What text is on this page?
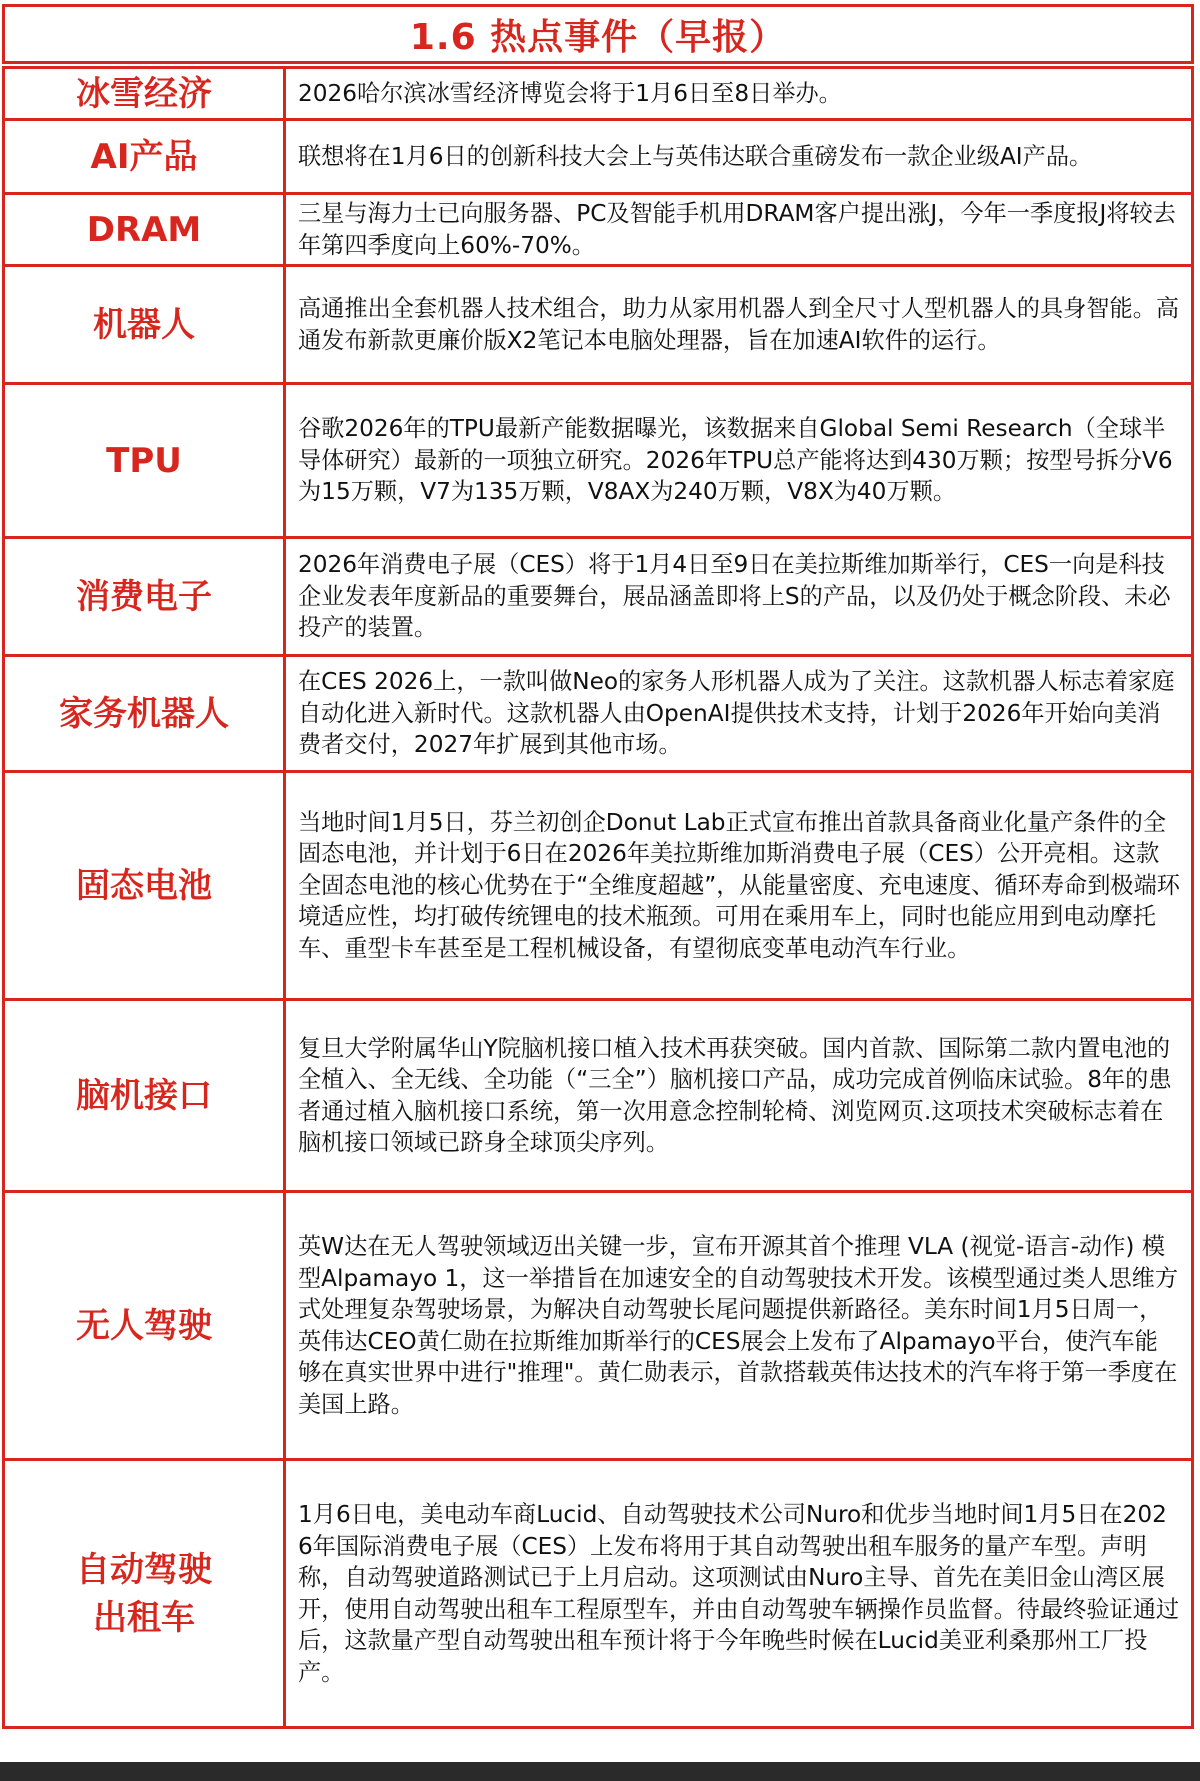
1.6 热点事件（早报）
冰雪经济	2026哈尔滨冰雪经济博览会将于1月6日至8日举办。
AI产品	联想将在1月6日的创新科技大会上与英伟达联合重磅发布一款企业级AI产品。
DRAM	三星与海力士已向服务器、PC及智能手机用DRAM客户提出涨J，今年一季度报J将较去年第四季度向上60%-70%。
机器人	高通推出全套机器人技术组合，助力从家用机器人到全尺寸人型机器人的具身智能。高通发布新款更廉价版X2笔记本电脑处理器，旨在加速AI软件的运行。
TPU	谷歌2026年的TPU最新产能数据曝光，该数据来自Global Semi Research（全球半导体研究）最新的一项独立研究。2026年TPU总产能将达到430万颗；按型号拆分V6为15万颗，V7为135万颗，V8AX为240万颗，V8X为40万颗。
消费电子	2026年消费电子展（CES）将于1月4日至9日在美拉斯维加斯举行，CES一向是科技企业发表年度新品的重要舞台，展品涵盖即将上S的产品，以及仍处于概念阶段、未必投产的装置。
家务机器人	在CES 2026上，一款叫做Neo的家务人形机器人成为了关注。这款机器人标志着家庭自动化进入新时代。这款机器人由OpenAI提供技术支持，计划于2026年开始向美消费者交付，2027年扩展到其他市场。
固态电池	当地时间1月5日，芬兰初创企Donut Lab正式宣布推出首款具备商业化量产条件的全固态电池，并计划于6日在2026年美拉斯维加斯消费电子展（CES）公开亮相。这款全固态电池的核心优势在于“全维度超越”，从能量密度、充电速度、循环寿命到极端环境适应性，均打破传统锂电的技术瓶颈。可用在乘用车上，同时也能应用到电动摩托车、重型卡车甚至是工程机械设备，有望彻底变革电动汽车行业。
脑机接口	复旦大学附属华山Y院脑机接口植入技术再获突破。国内首款、国际第二款内置电池的全植入、全无线、全功能（“三全”）脑机接口产品，成功完成首例临床试验。8年的患者通过植入脑机接口系统，第一次用意念控制轮椅、浏览网页.这项技术突破标志着在脑机接口领域已跻身全球顶尖序列。
无人驾驶	英W达在无人驾驶领域迈出关键一步，宣布开源其首个推理 VLA (视觉-语言-动作) 模型Alpamayo 1，这一举措旨在加速安全的自动驾驶技术开发。该模型通过类人思维方式处理复杂驾驶场景，为解决自动驾驶长尾问题提供新路径。美东时间1月5日周一，英伟达CEO黄仁勋在拉斯维加斯举行的CES展会上发布了Alpamayo平台，使汽车能够在真实世界中进行"推理"。黄仁勋表示，首款搭载英伟达技术的汽车将于第一季度在美国上路。
自动驾驶
出租车	1月6日电，美电动车商Lucid、自动驾驶技术公司Nuro和优步当地时间1月5日在2026年国际消费电子展（CES）上发布将用于其自动驾驶出租车服务的量产车型。声明称，自动驾驶道路测试已于上月启动。这项测试由Nuro主导、首先在美旧金山湾区展开，使用自动驾驶出租车工程原型车，并由自动驾驶车辆操作员监督。待最终验证通过后，这款量产型自动驾驶出租车预计将于今年晚些时候在Lucid美亚利桑那州工厂投产。
